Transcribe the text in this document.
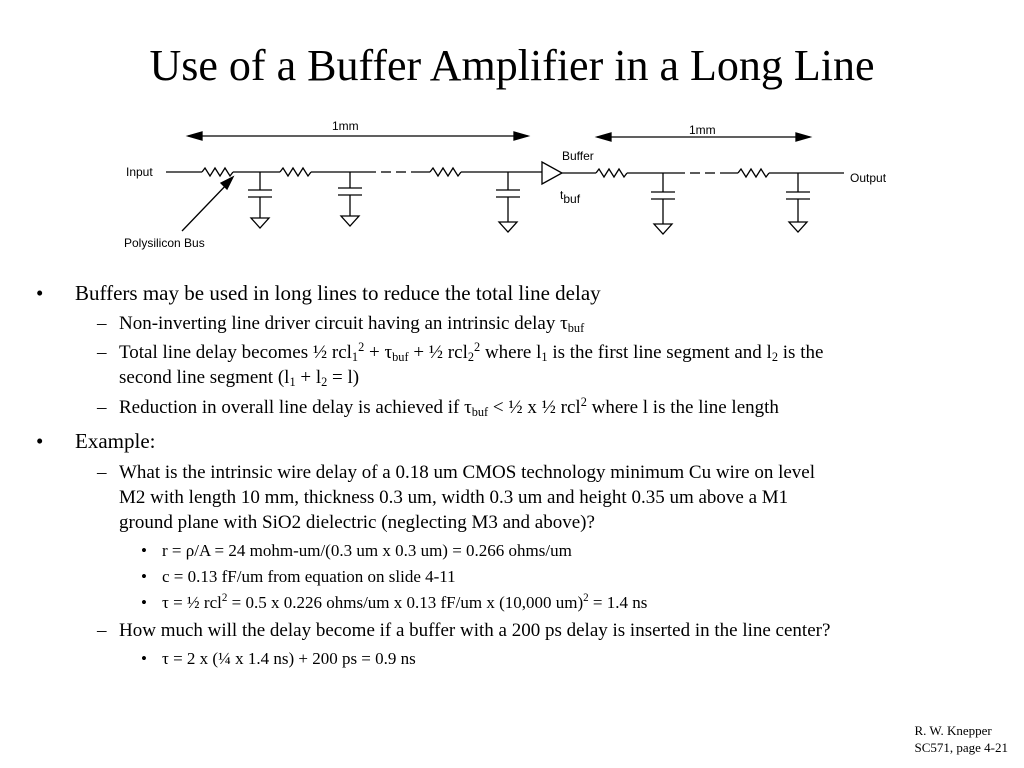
Use of a Buffer Amplifier in a Long Line
1mm	1mm
Input	Output
Buffer
tbuf
Polysilicon Bus
• Buffers may be used in long lines to reduce the total line delay
– Non-inverting line driver circuit having an intrinsic delay $\tau_{buf}$
– Total line delay becomes ½ $rcl_1^2 + \tau_{buf}$ + ½ rcl$_2^2$ where $l_1$ is the first line segment and $l_2$ is the
second line segment $(l_1 + l_2 = l)$
– Reduction in overall line delay is achieved if $\tau_{buf}$ < ½ x ½ rcl$^2$ where l is the line length
• Example:
– What is the intrinsic wire delay of a 0.18 um CMOS technology minimum Cu wire on level
M2 with length 10 mm, thickness 0.3 um, width 0.3 um and height 0.35 um above a M1
ground plane with SiO2 dielectric (neglecting M3 and above)?
• r = ρ/A = 24 mohm-um/(0.3 um x 0.3 um) = 0.266 ohms/um
• c = 0.13 fF/um from equation on slide 4-11
• τ = ½ rcl$^2$ = 0.5 x 0.226 ohms/um x 0.13 fF/um x (10,000 um)$^2$ = 1.4 ns
– How much will the delay become if a buffer with a 200 ps delay is inserted in the line center?
• τ = 2 x (¼ x 1.4 ns) + 200 ps = 0.9 ns
R. W. Knepper
SC571, page 4-21
